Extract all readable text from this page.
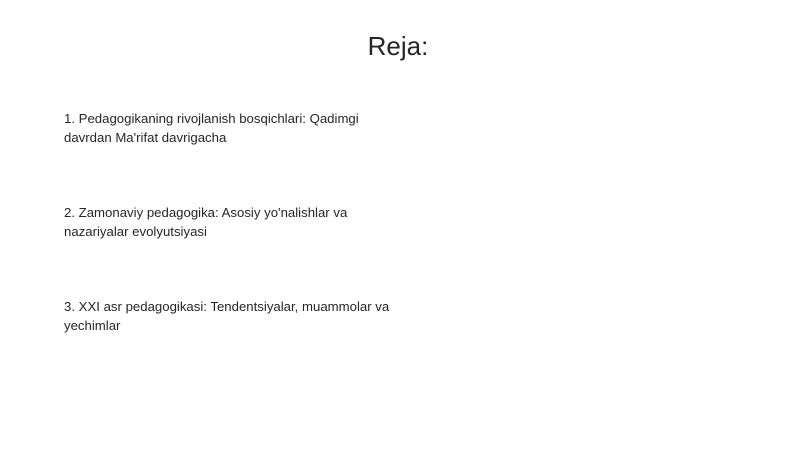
Reja:
1. Pedagogikaning rivojlanish bosqichlari: Qadimgi davrdan Ma'rifat davrigacha
2. Zamonaviy pedagogika: Asosiy yo'nalishlar va nazariyalar evolyutsiyasi
3. XXI asr pedagogikasi: Tendentsiyalar, muammolar va yechimlar
